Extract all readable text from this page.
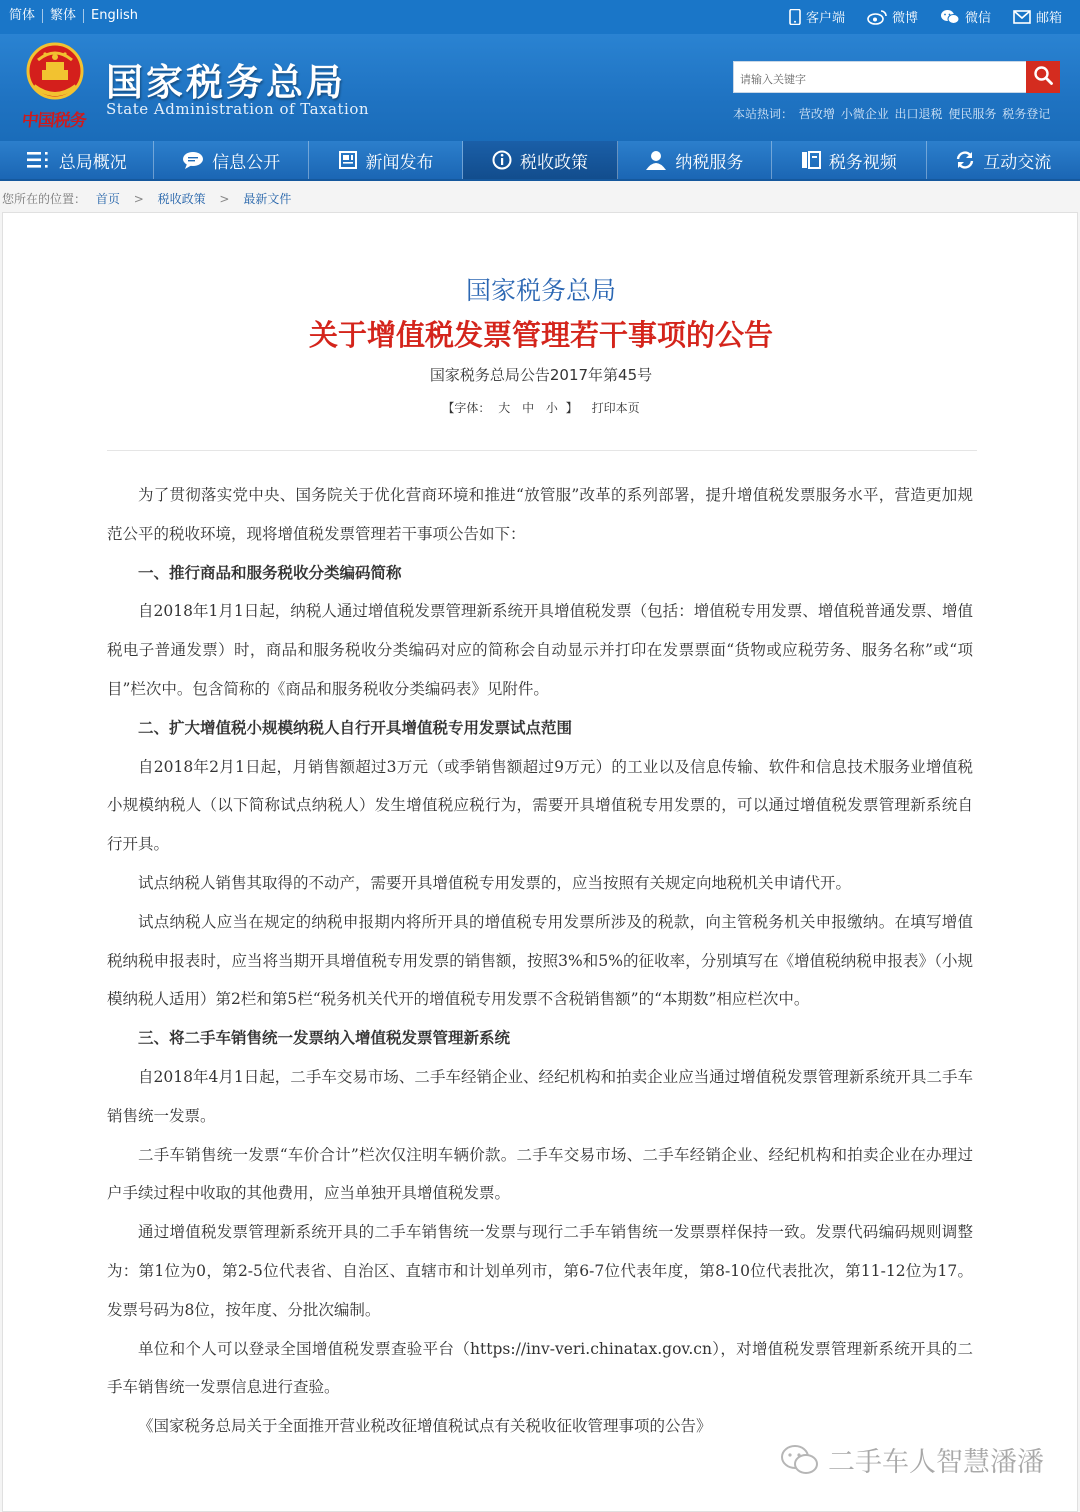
简体	繁体	English	客户端	微博	微信	邮箱
中国税务
国家税务总局
State Administration of Taxation
请输入关键字
本站热词： 营改增 小微企业 出口退税 便民服务 税务登记
总局概况	信息公开	新闻发布	税收政策	纳税服务	税务视频	互动交流
您所在的位置： 首页 > 税收政策 > 最新文件
国家税务总局
关于增值税发票管理若干事项的公告
国家税务总局公告2017年第45号
【字体： 大 中 小 】 打印本页

为了贯彻落实党中央、国务院关于优化营商环境和推进“放管服”改革的系列部署，提升增值税发票服务水平，营造更加规范公平的税收环境，现将增值税发票管理若干事项公告如下：

一、推行商品和服务税收分类编码简称

自2018年1月1日起，纳税人通过增值税发票管理新系统开具增值税发票（包括：增值税专用发票、增值税普通发票、增值税电子普通发票）时，商品和服务税收分类编码对应的简称会自动显示并打印在发票票面“货物或应税劳务、服务名称”或“项目”栏次中。包含简称的《商品和服务税收分类编码表》见附件。

二、扩大增值税小规模纳税人自行开具增值税专用发票试点范围

自2018年2月1日起，月销售额超过3万元（或季销售额超过9万元）的工业以及信息传输、软件和信息技术服务业增值税小规模纳税人（以下简称试点纳税人）发生增值税应税行为，需要开具增值税专用发票的，可以通过增值税发票管理新系统自行开具。

试点纳税人销售其取得的不动产，需要开具增值税专用发票的，应当按照有关规定向地税机关申请代开。

试点纳税人应当在规定的纳税申报期内将所开具的增值税专用发票所涉及的税款，向主管税务机关申报缴纳。在填写增值税纳税申报表时，应当将当期开具增值税专用发票的销售额，按照3%和5%的征收率，分别填写在《增值税纳税申报表》（小规模纳税人适用）第2栏和第5栏“税务机关代开的增值税专用发票不含税销售额”的“本期数”相应栏次中。

三、将二手车销售统一发票纳入增值税发票管理新系统

自2018年4月1日起，二手车交易市场、二手车经销企业、经纪机构和拍卖企业应当通过增值税发票管理新系统开具二手车销售统一发票。

二手车销售统一发票“车价合计”栏次仅注明车辆价款。二手车交易市场、二手车经销企业、经纪机构和拍卖企业在办理过户手续过程中收取的其他费用，应当单独开具增值税发票。

通过增值税发票管理新系统开具的二手车销售统一发票与现行二手车销售统一发票票样保持一致。发票代码编码规则调整为：第1位为0，第2-5位代表省、自治区、直辖市和计划单列市，第6-7位代表年度，第8-10位代表批次，第11-12位为17。发票号码为8位，按年度、分批次编制。

单位和个人可以登录全国增值税发票查验平台（https://inv-veri.chinatax.gov.cn），对增值税发票管理新系统开具的二手车销售统一发票信息进行查验。

《国家税务总局关于全面推开营业税改征增值税试点有关税收征收管理事项的公告》

二手车人智慧潘潘
